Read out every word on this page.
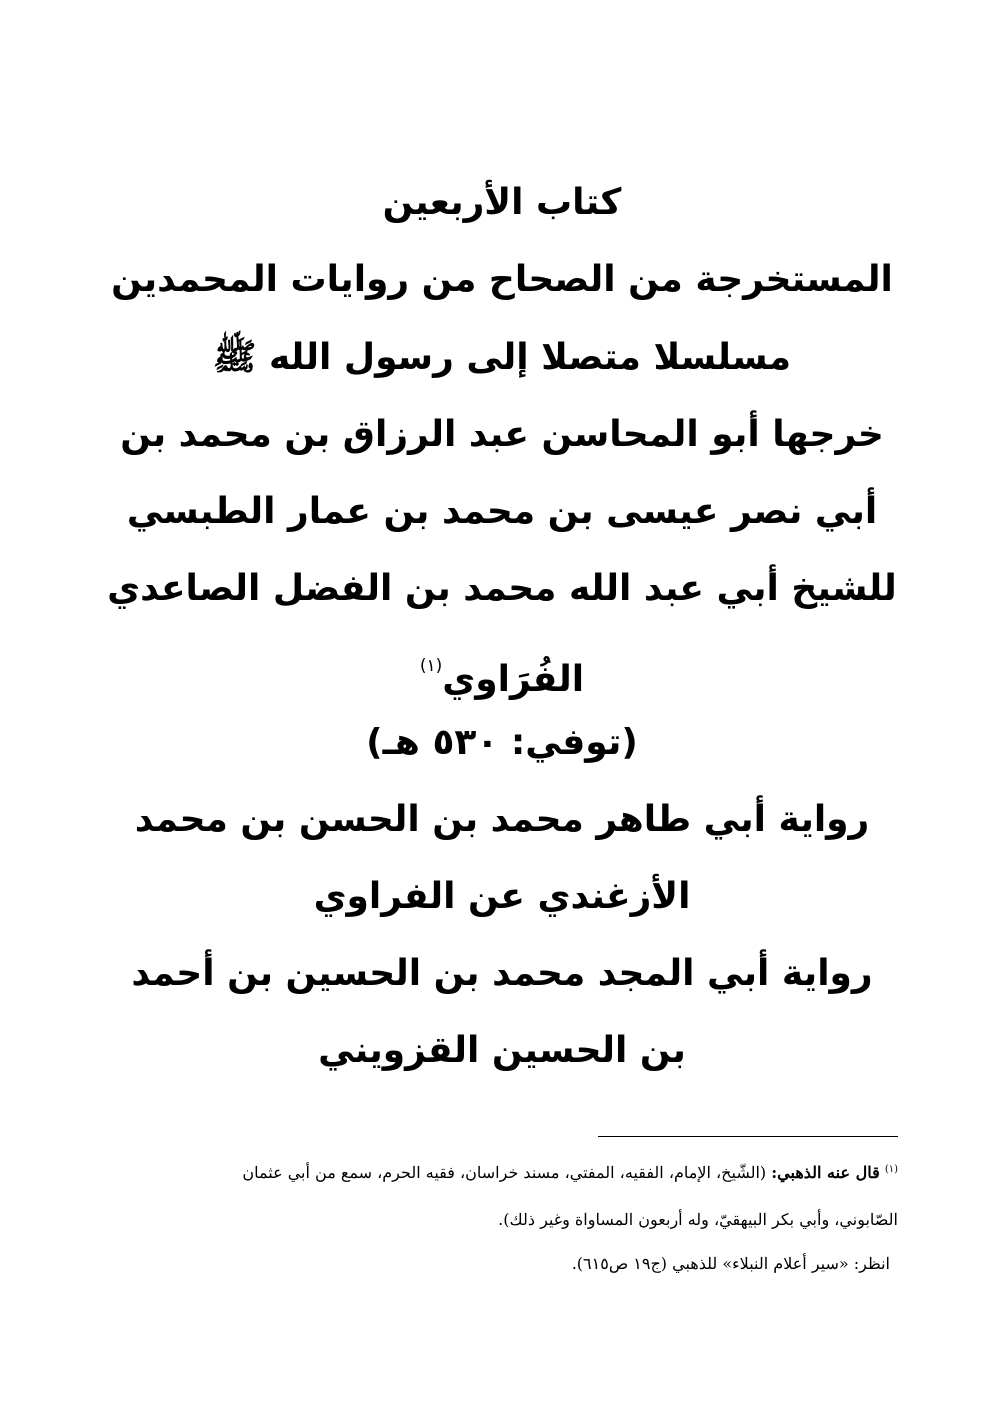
كتاب الأربعين
المستخرجة من الصحاح من روايات المحمدين
مسلسلا متصلا إلى رسول الله ﷺ
خرجها أبو المحاسن عبد الرزاق بن محمد بن
أبي نصر عيسى بن محمد بن عمار الطبسي
للشيخ أبي عبد الله محمد بن الفضل الصاعدي
الفُرَاوي$^{(١)}$
(توفي: ٥٣٠ هـ)
رواية أبي طاهر محمد بن الحسن بن محمد
الأزغندي عن الفراوي
رواية أبي المجد محمد بن الحسين بن أحمد
بن الحسين القزويني
$^{(١)}$ قال عنه الذهبي: (الشّيخ، الإمام، الفقيه، المفتي، مسند خراسان، فقيه الحرم، سمع من أبي عثمان
الصّابوني، وأبي بكر البيهقيّ، وله أربعون المساواة وغير ذلك).
انظر: «سير أعلام النبلاء» للذهبي (ج١٩ ص٦١٥).
